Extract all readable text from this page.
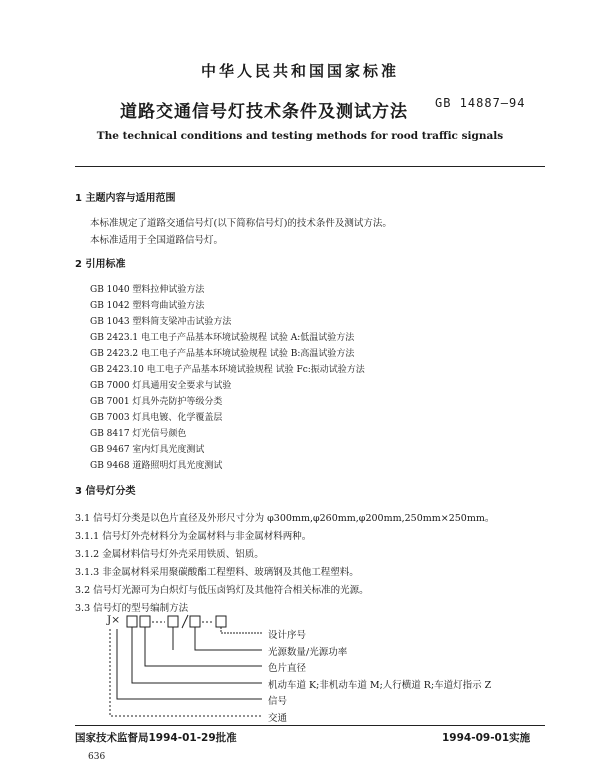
中华人民共和国国家标准
道路交通信号灯技术条件及测试方法 GB 14887—94
The technical conditions and testing methods for rood traffic signals
1 主题内容与适用范围
本标准规定了道路交通信号灯(以下简称信号灯)的技术条件及测试方法。
本标准适用于全国道路信号灯。
2 引用标准
GB 1040 塑料拉伸试验方法
GB 1042 塑料弯曲试验方法
GB 1043 塑料简支梁冲击试验方法
GB 2423.1 电工电子产品基本环境试验规程 试验 A:低温试验方法
GB 2423.2 电工电子产品基本环境试验规程 试验 B:高温试验方法
GB 2423.10 电工电子产品基本环境试验规程 试验 Fc:振动试验方法
GB 7000 灯具通用安全要求与试验
GB 7001 灯具外壳防护等级分类
GB 7003 灯具电镀、化学覆盖层
GB 8417 灯光信号颜色
GB 9467 室内灯具光度测试
GB 9468 道路照明灯具光度测试
3 信号灯分类
3.1 信号灯分类是以色片直径及外形尺寸分为 φ300mm,φ260mm,φ200mm,250mm×250mm。
3.1.1 信号灯外壳材料分为金属材料与非金属材料两种。
3.1.2 金属材料信号灯外壳采用铁质、铝质。
3.1.3 非金属材料采用聚碳酸酯工程塑料、玻璃钢及其他工程塑料。
3.2 信号灯光源可为白炽灯与低压卤钨灯及其他符合相关标准的光源。
3.3 信号灯的型号编制方法
J×
设计序号
光源数量/光源功率
色片直径
机动车道 K;非机动车道 M;人行横道 R;车道灯指示 Z
信号
交通
国家技术监督局1994-01-29批准	1994-09-01实施
636
